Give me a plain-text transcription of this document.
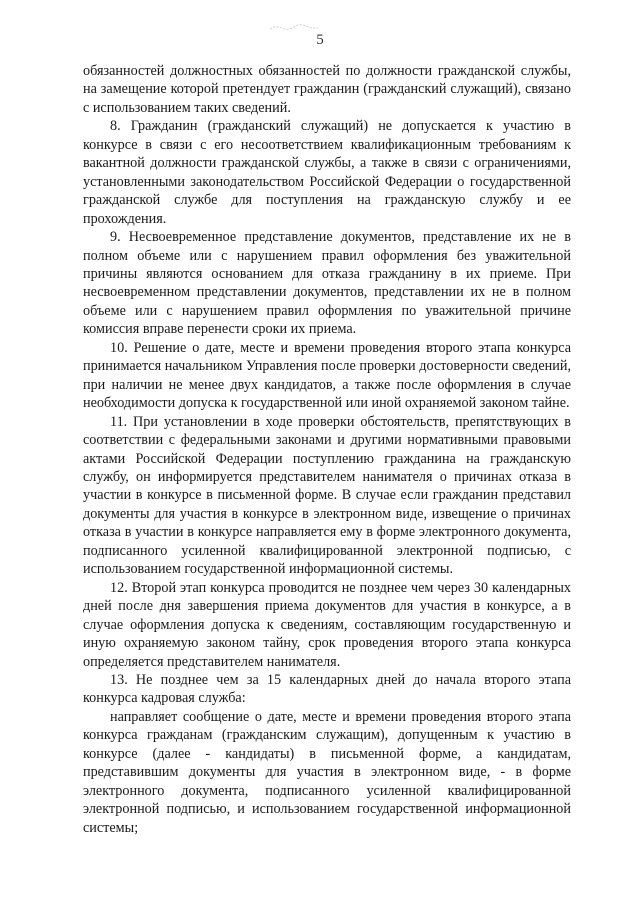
5

обязанностей должностных обязанностей по должности гражданской службы, на замещение которой претендует гражданин (гражданский служащий), связано с использованием таких сведений.

8. Гражданин (гражданский служащий) не допускается к участию в конкурсе в связи с его несоответствием квалификационным требованиям к вакантной должности гражданской службы, а также в связи с ограничениями, установленными законодательством Российской Федерации о государственной гражданской службе для поступления на гражданскую службу и ее прохождения.

9. Несвоевременное представление документов, представление их не в полном объеме или с нарушением правил оформления без уважительной причины являются основанием для отказа гражданину в их приеме. При несвоевременном представлении документов, представлении их не в полном объеме или с нарушением правил оформления по уважительной причине комиссия вправе перенести сроки их приема.

10. Решение о дате, месте и времени проведения второго этапа конкурса принимается начальником Управления после проверки достоверности сведений, при наличии не менее двух кандидатов, а также после оформления в случае необходимости допуска к государственной или иной охраняемой законом тайне.

11. При установлении в ходе проверки обстоятельств, препятствующих в соответствии с федеральными законами и другими нормативными правовыми актами Российской Федерации поступлению гражданина на гражданскую службу, он информируется представителем нанимателя о причинах отказа в участии в конкурсе в письменной форме. В случае если гражданин представил документы для участия в конкурсе в электронном виде, извещение о причинах отказа в участии в конкурсе направляется ему в форме электронного документа, подписанного усиленной квалифицированной электронной подписью, с использованием государственной информационной системы.

12. Второй этап конкурса проводится не позднее чем через 30 календарных дней после дня завершения приема документов для участия в конкурсе, а в случае оформления допуска к сведениям, составляющим государственную и иную охраняемую законом тайну, срок проведения второго этапа конкурса определяется представителем нанимателя.

13. Не позднее чем за 15 календарных дней до начала второго этапа конкурса кадровая служба:

направляет сообщение о дате, месте и времени проведения второго этапа конкурса гражданам (гражданским служащим), допущенным к участию в конкурсе (далее - кандидаты) в письменной форме, а кандидатам, представившим документы для участия в электронном виде, - в форме электронного документа, подписанного усиленной квалифицированной электронной подписью, и использованием государственной информационной системы;
